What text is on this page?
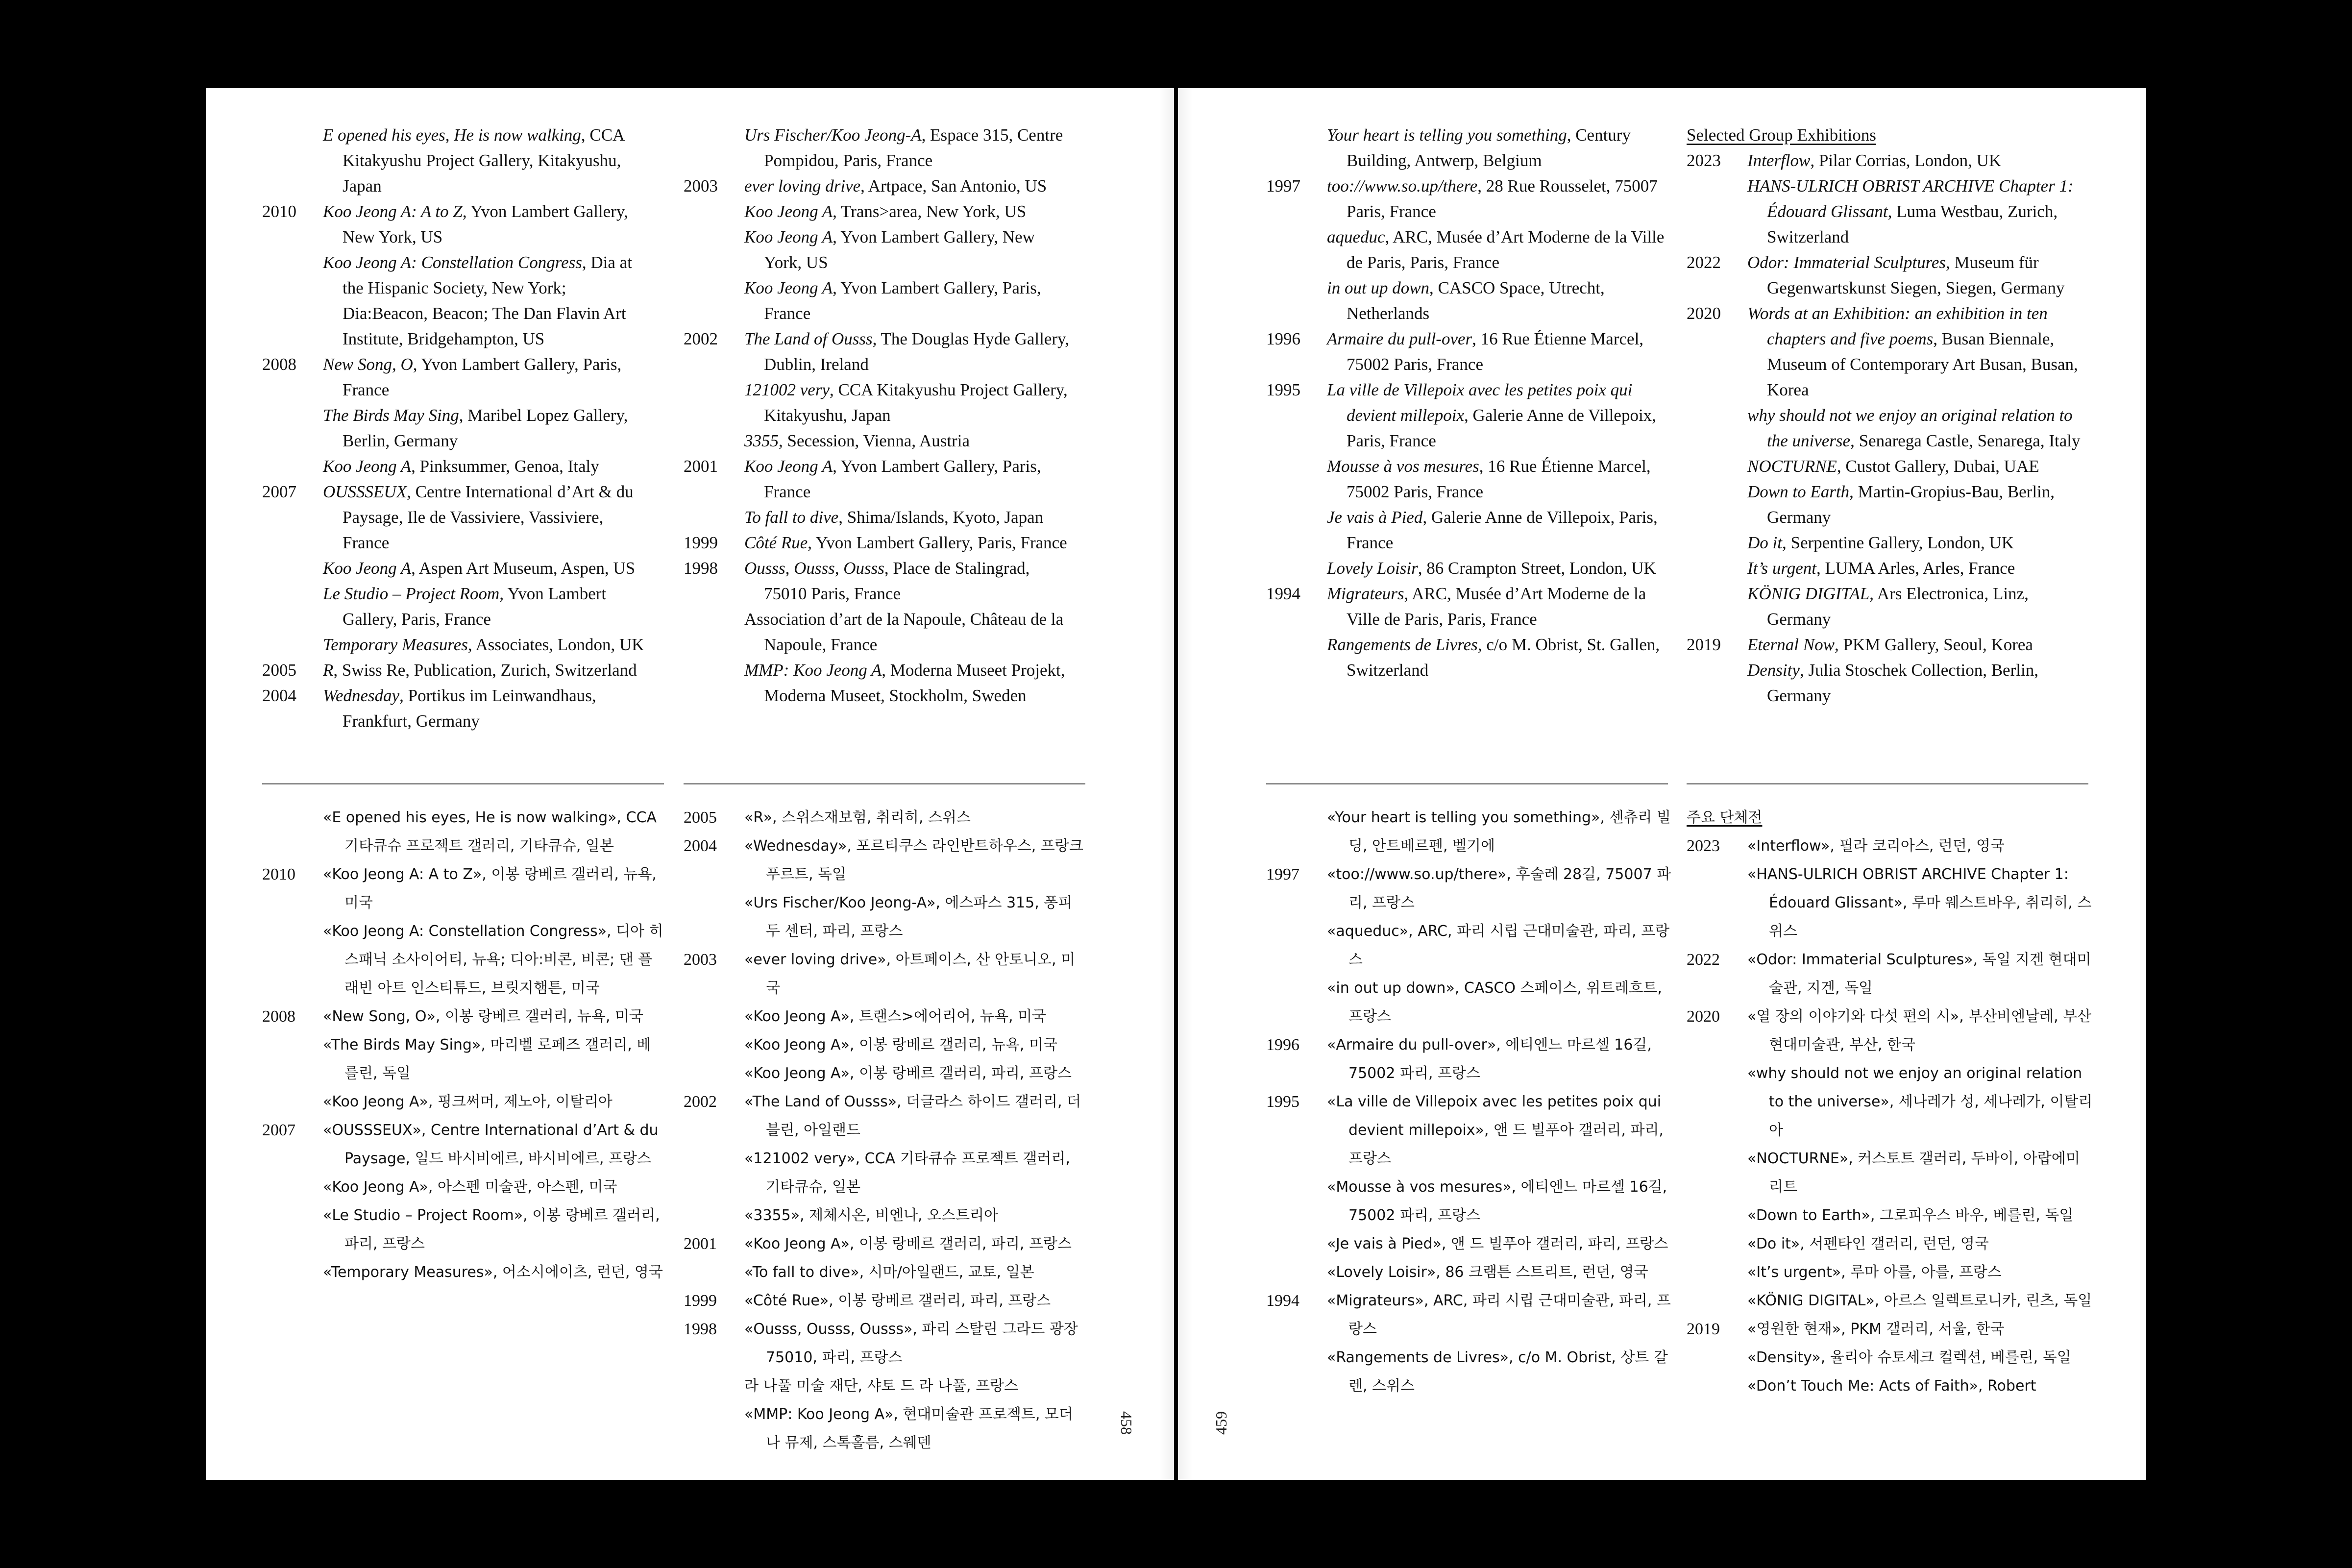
E opened his eyes, He is now walking, CCA Kitakyushu Project Gallery, Kitakyushu, Japan
2010	Koo Jeong A: A to Z, Yvon Lambert Gallery, New York, US
Koo Jeong A: Constellation Congress, Dia at the Hispanic Society, New York; Dia:Beacon, Beacon; The Dan Flavin Art Institute, Bridgehampton, US
2008	New Song, O, Yvon Lambert Gallery, Paris, France
The Birds May Sing, Maribel Lopez Gallery, Berlin, Germany
Koo Jeong A, Pinksummer, Genoa, Italy
2007	OUSSSEUX, Centre International d’Art & du Paysage, Ile de Vassiviere, Vassiviere, France
Koo Jeong A, Aspen Art Museum, Aspen, US
Le Studio – Project Room, Yvon Lambert Gallery, Paris, France
Temporary Measures, Associates, London, UK
2005	R, Swiss Re, Publication, Zurich, Switzerland
2004	Wednesday, Portikus im Leinwandhaus, Frankfurt, Germany
Urs Fischer/Koo Jeong-A, Espace 315, Centre Pompidou, Paris, France
2003	ever loving drive, Artpace, San Antonio, US
Koo Jeong A, Trans>area, New York, US
Koo Jeong A, Yvon Lambert Gallery, New York, US
Koo Jeong A, Yvon Lambert Gallery, Paris, France
2002	The Land of Ousss, The Douglas Hyde Gallery, Dublin, Ireland
121002 very, CCA Kitakyushu Project Gallery, Kitakyushu, Japan
3355, Secession, Vienna, Austria
2001	Koo Jeong A, Yvon Lambert Gallery, Paris, France
To fall to dive, Shima/Islands, Kyoto, Japan
1999	Côté Rue, Yvon Lambert Gallery, Paris, France
1998	Ousss, Ousss, Ousss, Place de Stalingrad, 75010 Paris, France
Association d’art de la Napoule, Château de la Napoule, France
MMP: Koo Jeong A, Moderna Museet Projekt, Moderna Museet, Stockholm, Sweden
«E opened his eyes, He is now walking», CCA 기타큐슈 프로젝트 갤러리, 기타큐슈, 일본
2010	«Koo Jeong A: A to Z», 이봉 랑베르 갤러리, 뉴욕, 미국
«Koo Jeong A: Constellation Congress», 디아 히스패닉 소사이어티, 뉴욕; 디아:비콘, 비콘; 댄 플래빈 아트 인스티튜드, 브릿지햄튼, 미국
2008	«New Song, O», 이봉 랑베르 갤러리, 뉴욕, 미국
«The Birds May Sing», 마리벨 로페즈 갤러리, 베를린, 독일
«Koo Jeong A», 핑크써머, 제노아, 이탈리아
2007	«OUSSSEUX», Centre International d’Art & du Paysage, 일드 바시비에르, 바시비에르, 프랑스
«Koo Jeong A», 아스펜 미술관, 아스펜, 미국
«Le Studio – Project Room», 이봉 랑베르 갤러리, 파리, 프랑스
«Temporary Measures», 어소시에이츠, 런던, 영국
2005	«R», 스위스재보험, 취리히, 스위스
2004	«Wednesday», 포르티쿠스 라인반트하우스, 프랑크푸르트, 독일
«Urs Fischer/Koo Jeong-A», 에스파스 315, 퐁피두 센터, 파리, 프랑스
2003	«ever loving drive», 아트페이스, 산 안토니오, 미국
«Koo Jeong A», 트랜스>에어리어, 뉴욕, 미국
«Koo Jeong A», 이봉 랑베르 갤러리, 뉴욕, 미국
«Koo Jeong A», 이봉 랑베르 갤러리, 파리, 프랑스
2002	«The Land of Ousss», 더글라스 하이드 갤러리, 더블린, 아일랜드
«121002 very», CCA 기타큐슈 프로젝트 갤러리, 기타큐슈, 일본
«3355», 제체시온, 비엔나, 오스트리아
2001	«Koo Jeong A», 이봉 랑베르 갤러리, 파리, 프랑스
«To fall to dive», 시마/아일랜드, 교토, 일본
1999	«Côté Rue», 이봉 랑베르 갤러리, 파리, 프랑스
1998	«Ousss, Ousss, Ousss», 파리 스탈린 그라드 광장 75010, 파리, 프랑스
라 나풀 미술 재단, 샤토 드 라 나풀, 프랑스
«MMP: Koo Jeong A», 현대미술관 프로젝트, 모더나 뮤제, 스톡홀름, 스웨덴
458
Your heart is telling you something, Century Building, Antwerp, Belgium
1997	too://www.so.up/there, 28 Rue Rousselet, 75007 Paris, France
aqueduc, ARC, Musée d’Art Moderne de la Ville de Paris, Paris, France
in out up down, CASCO Space, Utrecht, Netherlands
1996	Armaire du pull-over, 16 Rue Étienne Marcel, 75002 Paris, France
1995	La ville de Villepoix avec les petites poix qui devient millepoix, Galerie Anne de Villepoix, Paris, France
Mousse à vos mesures, 16 Rue Étienne Marcel, 75002 Paris, France
Je vais à Pied, Galerie Anne de Villepoix, Paris, France
Lovely Loisir, 86 Crampton Street, London, UK
1994	Migrateurs, ARC, Musée d’Art Moderne de la Ville de Paris, Paris, France
Rangements de Livres, c/o M. Obrist, St. Gallen, Switzerland
Selected Group Exhibitions
2023	Interflow, Pilar Corrias, London, UK
HANS-ULRICH OBRIST ARCHIVE Chapter 1: Édouard Glissant, Luma Westbau, Zurich, Switzerland
2022	Odor: Immaterial Sculptures, Museum für Gegenwartskunst Siegen, Siegen, Germany
2020	Words at an Exhibition: an exhibition in ten chapters and five poems, Busan Biennale, Museum of Contemporary Art Busan, Busan, Korea
why should not we enjoy an original relation to the universe, Senarega Castle, Senarega, Italy
NOCTURNE, Custot Gallery, Dubai, UAE
Down to Earth, Martin-Gropius-Bau, Berlin, Germany
Do it, Serpentine Gallery, London, UK
It’s urgent, LUMA Arles, Arles, France
KÖNIG DIGITAL, Ars Electronica, Linz, Germany
2019	Eternal Now, PKM Gallery, Seoul, Korea
Density, Julia Stoschek Collection, Berlin, Germany
«Your heart is telling you something», 센츄리 빌딩, 안트베르펜, 벨기에
1997	«too://www.so.up/there», 후술레 28길, 75007 파리, 프랑스
«aqueduc», ARC, 파리 시립 근대미술관, 파리, 프랑스
«in out up down», CASCO 스페이스, 위트레흐트, 프랑스
1996	«Armaire du pull-over», 에티엔느 마르셀 16길, 75002 파리, 프랑스
1995	«La ville de Villepoix avec les petites poix qui devient millepoix», 앤 드 빌푸아 갤러리, 파리, 프랑스
«Mousse à vos mesures», 에티엔느 마르셀 16길, 75002 파리, 프랑스
«Je vais à Pied», 앤 드 빌푸아 갤러리, 파리, 프랑스
«Lovely Loisir», 86 크램튼 스트리트, 런던, 영국
1994	«Migrateurs», ARC, 파리 시립 근대미술관, 파리, 프랑스
«Rangements de Livres», c/o M. Obrist, 상트 갈렌, 스위스
주요 단체전
2023	«Interflow», 필라 코리아스, 런던, 영국
«HANS-ULRICH OBRIST ARCHIVE Chapter 1: Édouard Glissant», 루마 웨스트바우, 취리히, 스위스
2022	«Odor: Immaterial Sculptures», 독일 지겐 현대미술관, 지겐, 독일
2020	«열 장의 이야기와 다섯 편의 시», 부산비엔날레, 부산현대미술관, 부산, 한국
«why should not we enjoy an original relation to the universe», 세나레가 성, 세나레가, 이탈리아
«NOCTURNE», 커스토트 갤러리, 두바이, 아랍에미리트
«Down to Earth», 그로피우스 바우, 베를린, 독일
«Do it», 서펜타인 갤러리, 런던, 영국
«It’s urgent», 루마 아를, 아를, 프랑스
«KÖNIG DIGITAL», 아르스 일렉트로니카, 린츠, 독일
2019	«영원한 현재», PKM 갤러리, 서울, 한국
«Density», 율리아 슈토세크 컬렉션, 베를린, 독일
«Don’t Touch Me: Acts of Faith», Robert
459
